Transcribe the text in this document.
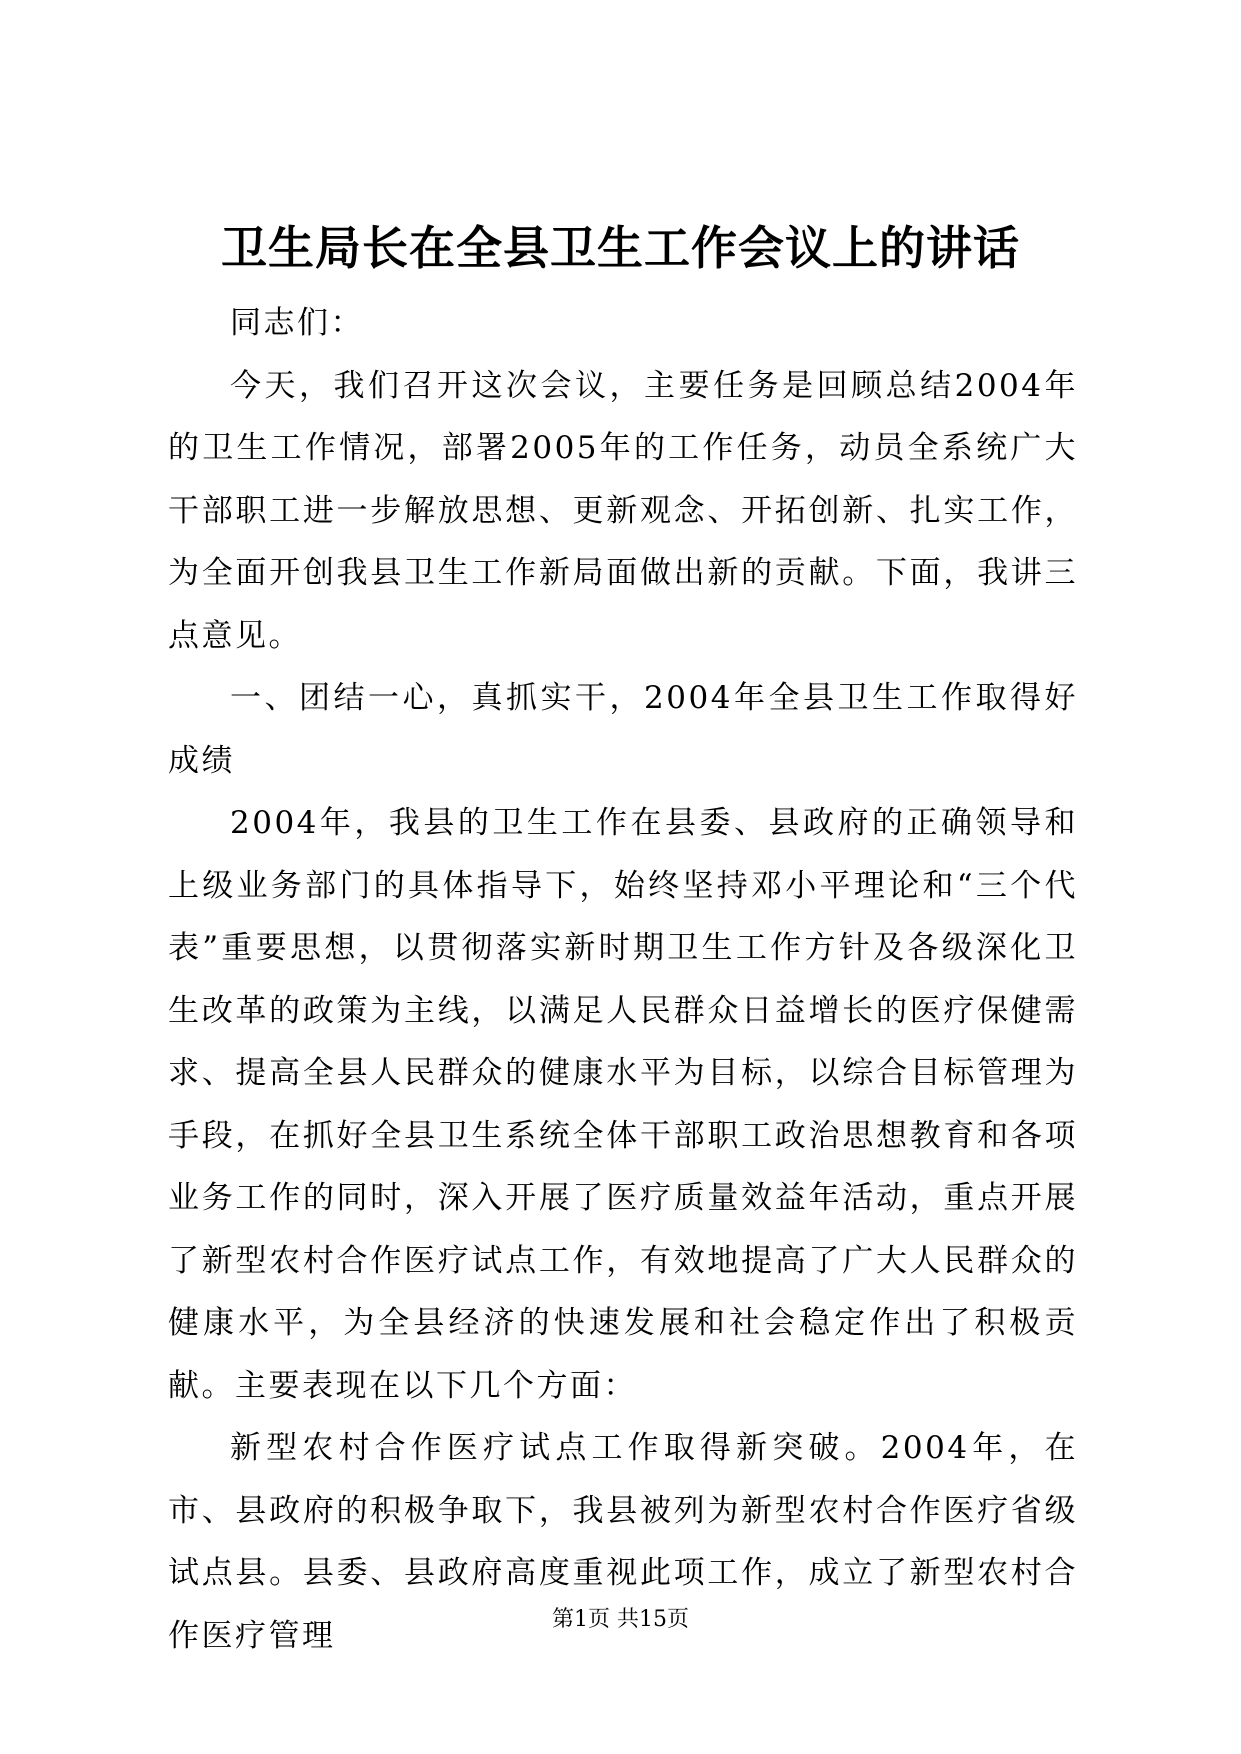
卫生局长在全县卫生工作会议上的讲话

同志们：

今天，我们召开这次会议，主要任务是回顾总结2004年的卫生工作情况，部署2005年的工作任务，动员全系统广大干部职工进一步解放思想、更新观念、开拓创新、扎实工作，为全面开创我县卫生工作新局面做出新的贡献。下面，我讲三点意见。

一、团结一心，真抓实干，2004年全县卫生工作取得好成绩

2004年，我县的卫生工作在县委、县政府的正确领导和上级业务部门的具体指导下，始终坚持邓小平理论和“三个代表”重要思想，以贯彻落实新时期卫生工作方针及各级深化卫生改革的政策为主线，以满足人民群众日益增长的医疗保健需求、提高全县人民群众的健康水平为目标，以综合目标管理为手段，在抓好全县卫生系统全体干部职工政治思想教育和各项业务工作的同时，深入开展了医疗质量效益年活动，重点开展了新型农村合作医疗试点工作，有效地提高了广大人民群众的健康水平，为全县经济的快速发展和社会稳定作出了积极贡献。主要表现在以下几个方面：

新型农村合作医疗试点工作取得新突破。2004年，在市、县政府的积极争取下，我县被列为新型农村合作医疗省级试点县。县委、县政府高度重视此项工作，成立了新型农村合作医疗管理	第1页 共15页
